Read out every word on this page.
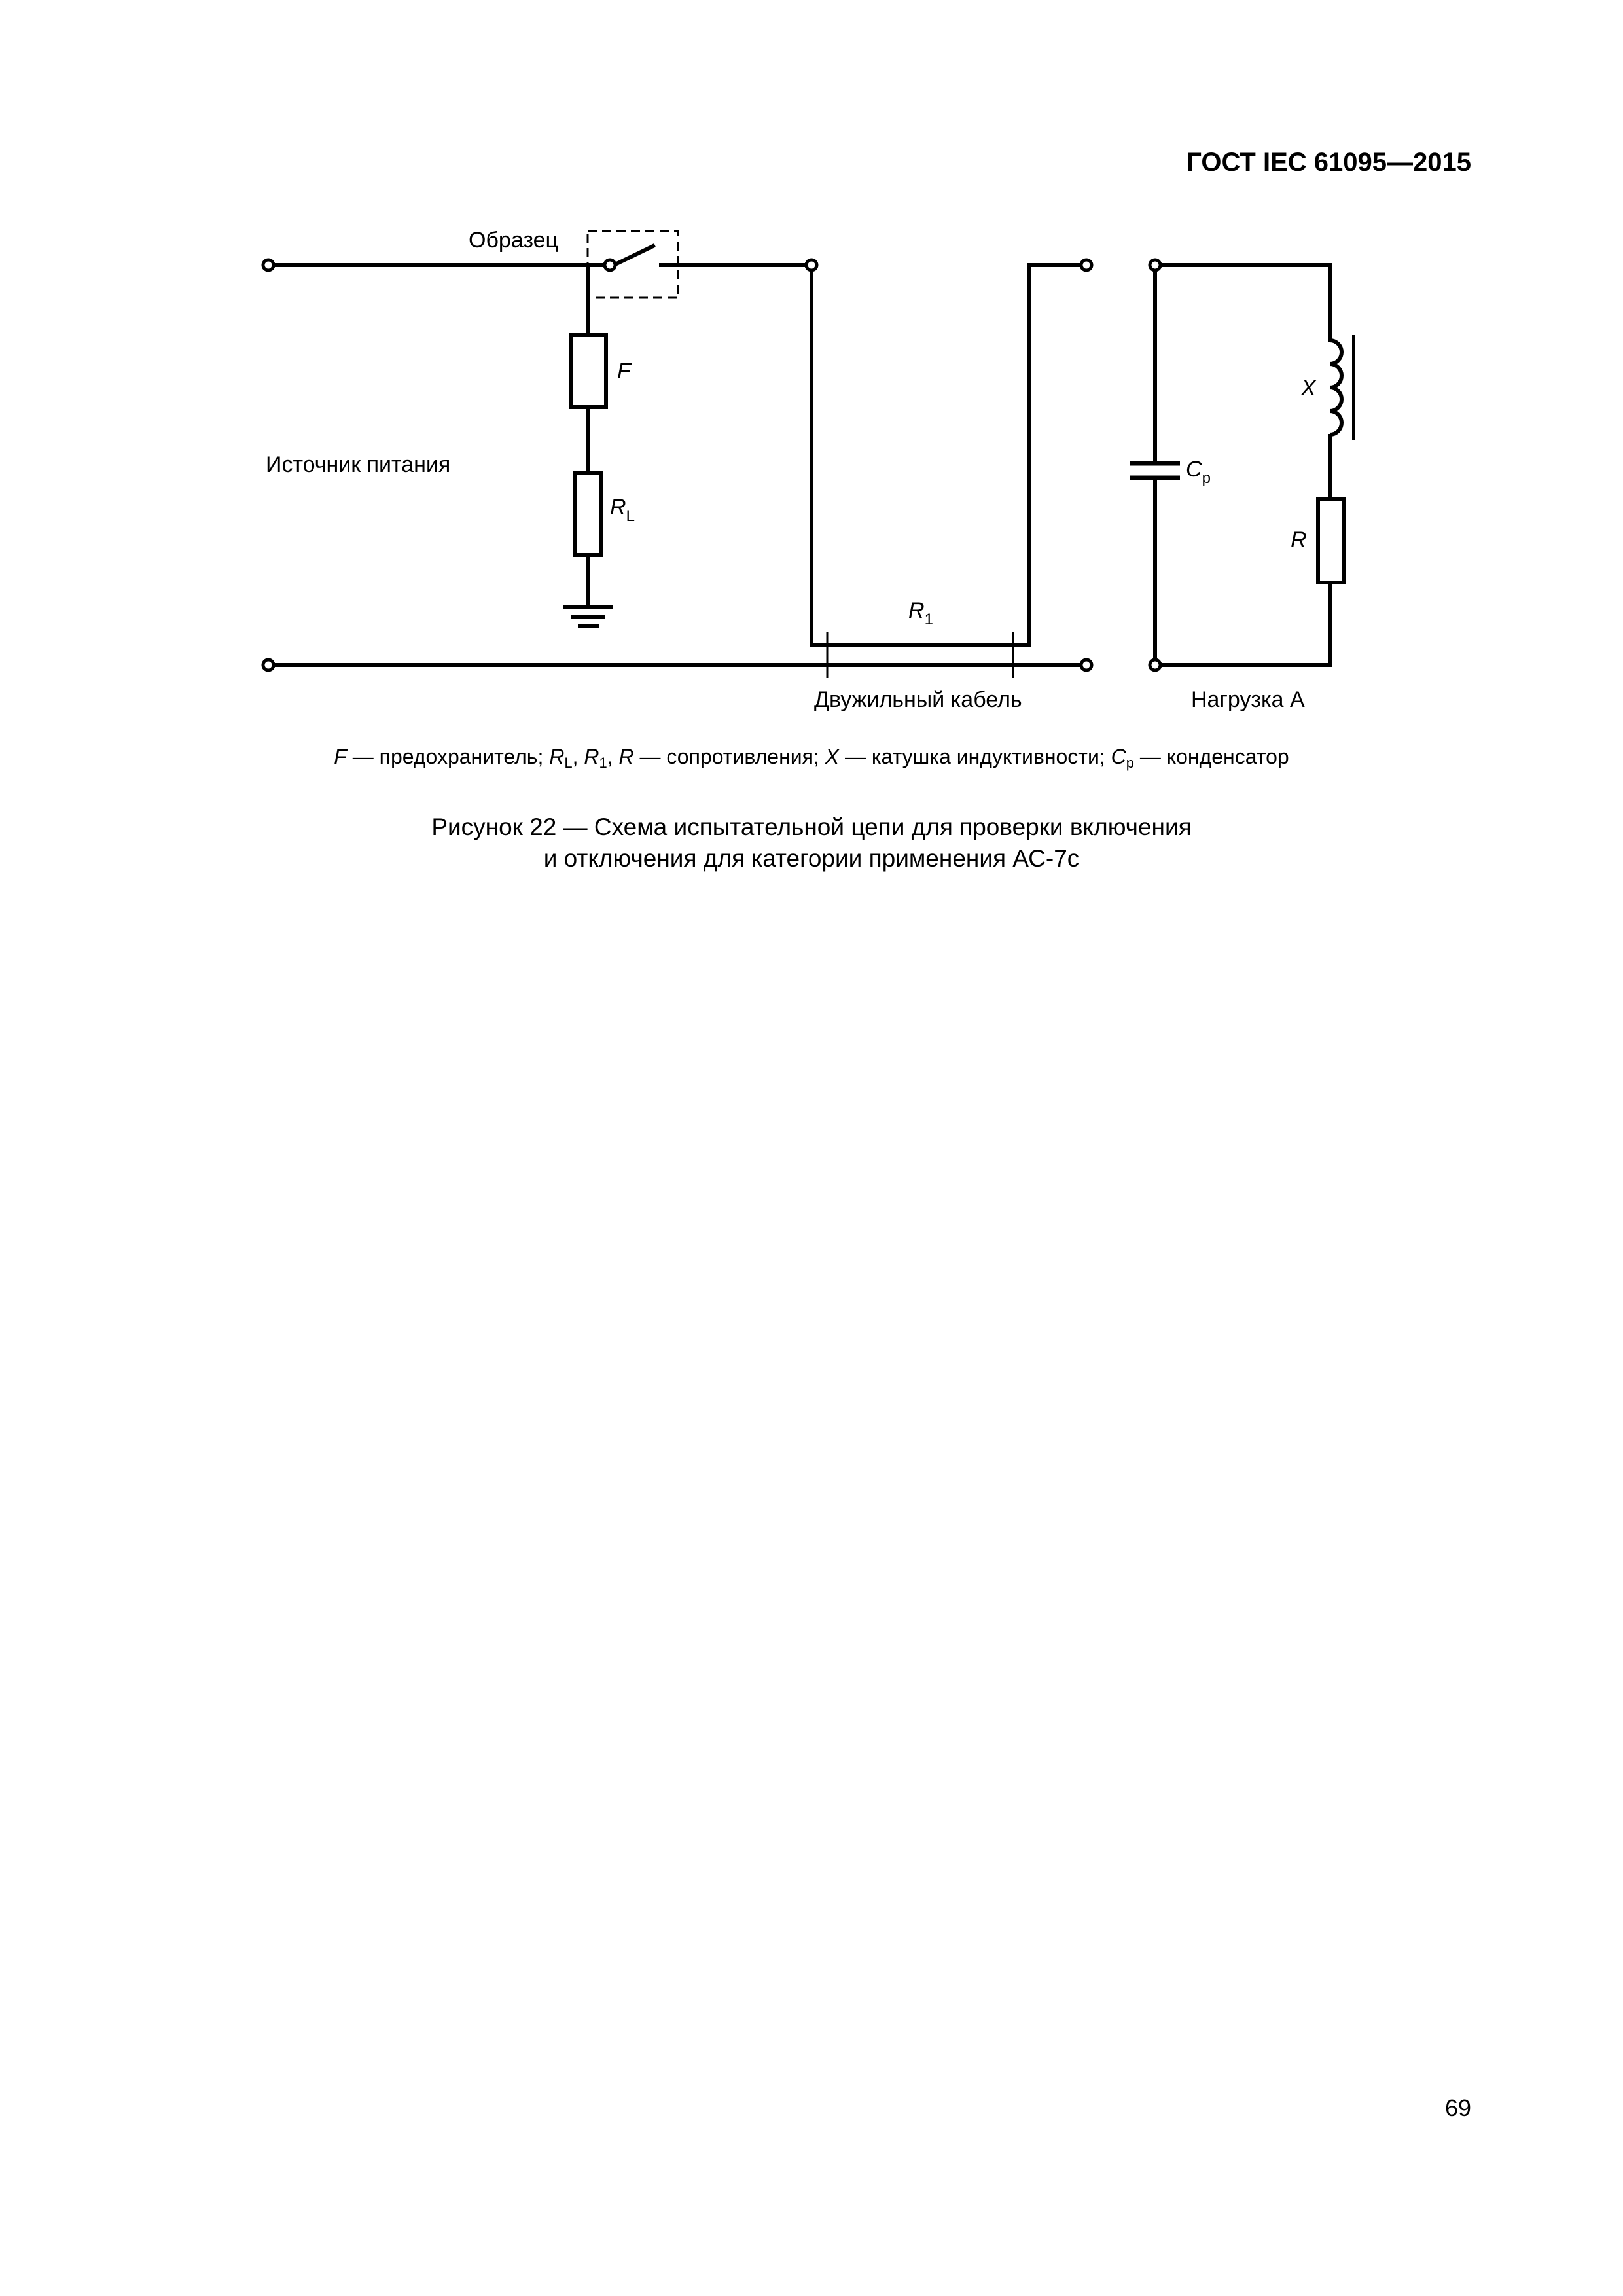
ГОСТ IEC 61095—2015
Образец
Источник питания
F
$R_L$
$R_1$
Двужильный кабель
$C_p$
X
R
Нагрузка А
F — предохранитель; $R_L$, $R_1$, R — сопротивления; X — катушка индуктивности; $C_p$ — конденсатор
Рисунок 22 — Схема испытательной цепи для проверки включения
и отключения для категории применения АС-7с
69
